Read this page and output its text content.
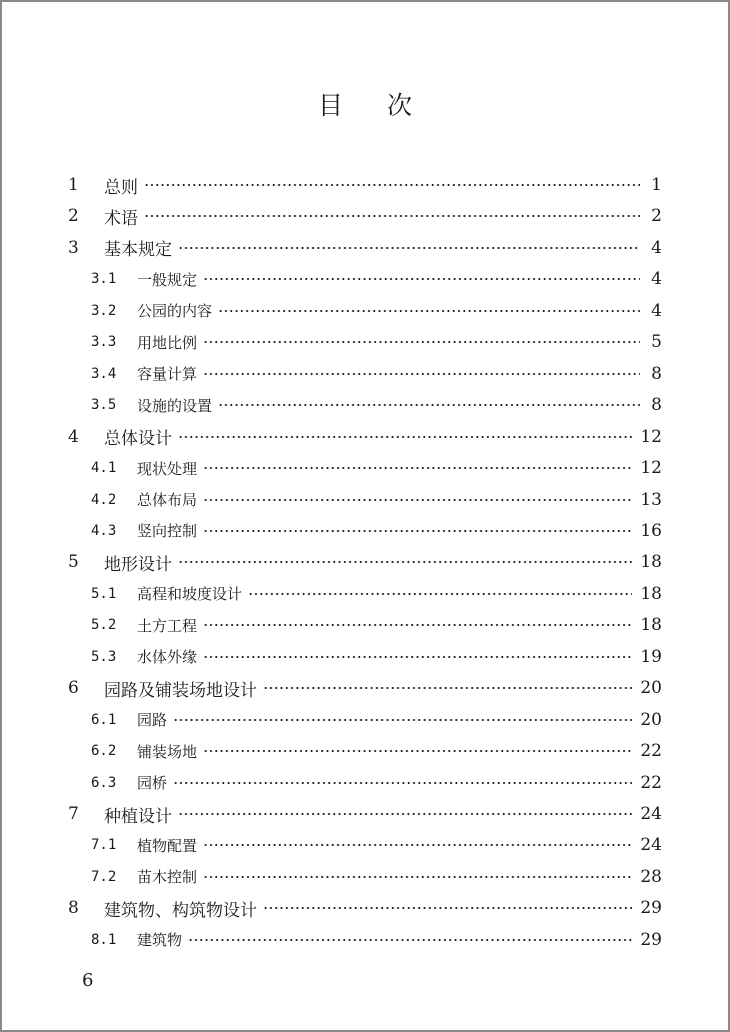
目次
1	总则	1
2	术语	2
3	基本规定	4
3.1	一般规定	4
3.2	公园的内容	4
3.3	用地比例	5
3.4	容量计算	8
3.5	设施的设置	8
4	总体设计	12
4.1	现状处理	12
4.2	总体布局	13
4.3	竖向控制	16
5	地形设计	18
5.1	高程和坡度设计	18
5.2	土方工程	18
5.3	水体外缘	19
6	园路及铺装场地设计	20
6.1	园路	20
6.2	铺装场地	22
6.3	园桥	22
7	种植设计	24
7.1	植物配置	24
7.2	苗木控制	28
8	建筑物、构筑物设计	29
8.1	建筑物	29
6
